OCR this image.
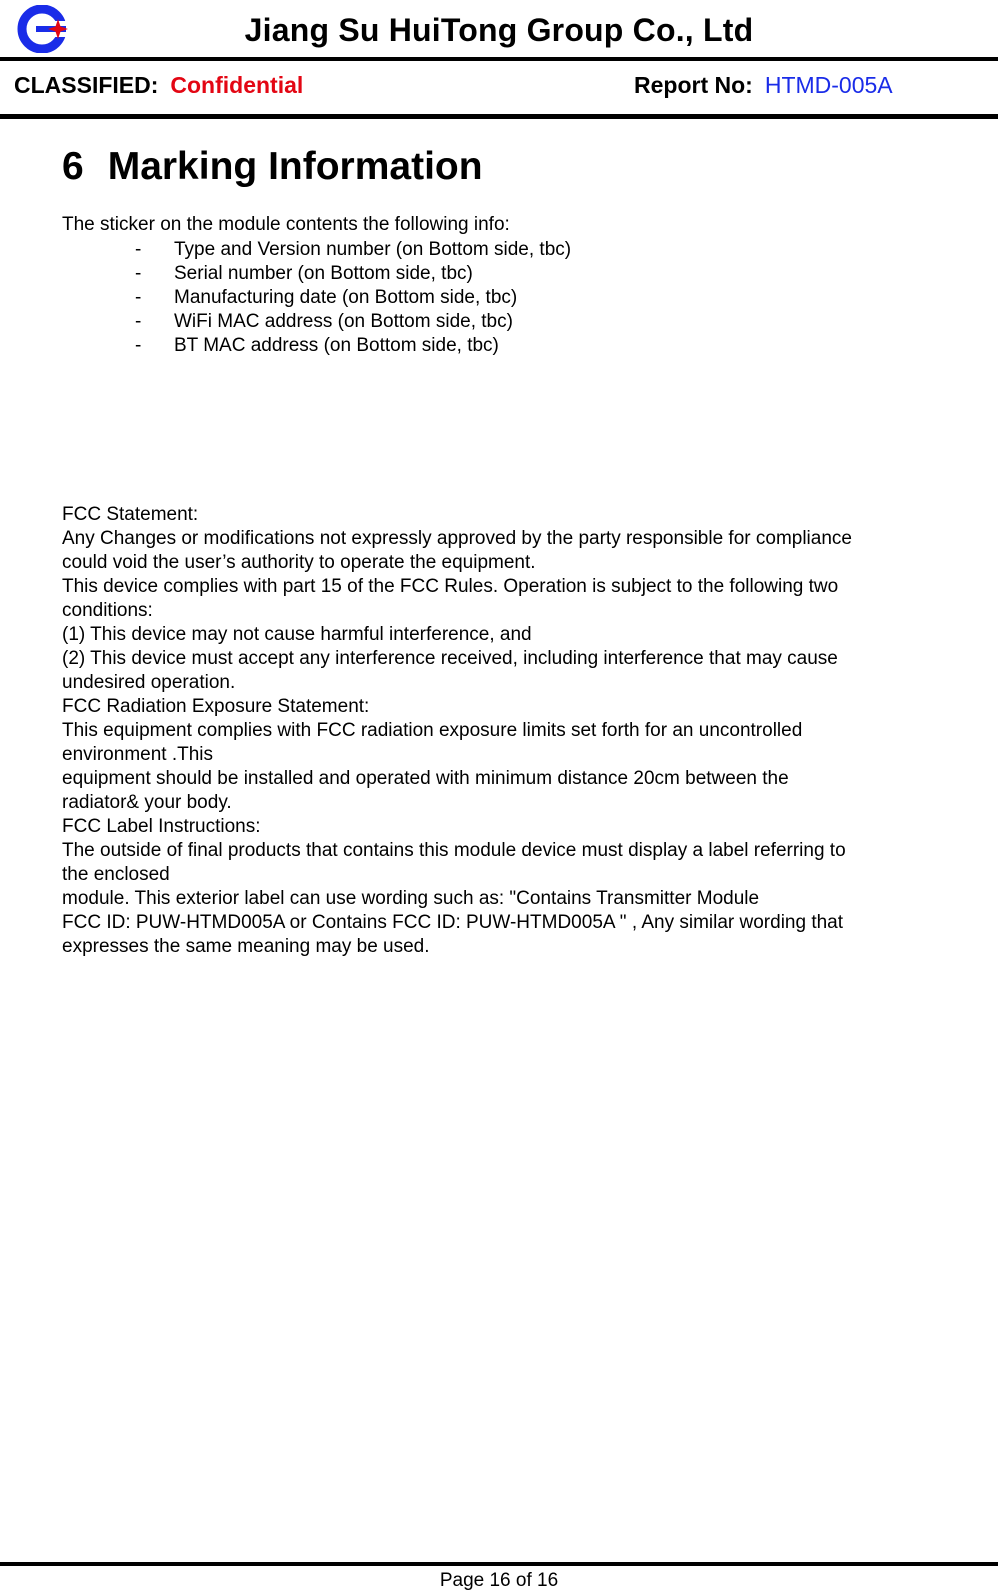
Jiang Su HuiTong Group Co., Ltd
CLASSIFIED: Confidential	Report No: HTMD-005A
6 Marking Information
The sticker on the module contents the following info:
- Type and Version number (on Bottom side, tbc)
- Serial number (on Bottom side, tbc)
- Manufacturing date (on Bottom side, tbc)
- WiFi MAC address (on Bottom side, tbc)
- BT MAC address (on Bottom side, tbc)
FCC Statement:
Any Changes or modifications not expressly approved by the party responsible for compliance
could void the user’s authority to operate the equipment.
This device complies with part 15 of the FCC Rules. Operation is subject to the following two
conditions:
(1) This device may not cause harmful interference, and
(2) This device must accept any interference received, including interference that may cause
undesired operation.
FCC Radiation Exposure Statement:
This equipment complies with FCC radiation exposure limits set forth for an uncontrolled
environment .This
equipment should be installed and operated with minimum distance 20cm between the
radiator& your body.
FCC Label Instructions:
The outside of final products that contains this module device must display a label referring to
the enclosed
module. This exterior label can use wording such as: "Contains Transmitter Module
FCC ID: PUW-HTMD005A or Contains FCC ID: PUW-HTMD005A " , Any similar wording that
expresses the same meaning may be used.
Page 16 of 16
